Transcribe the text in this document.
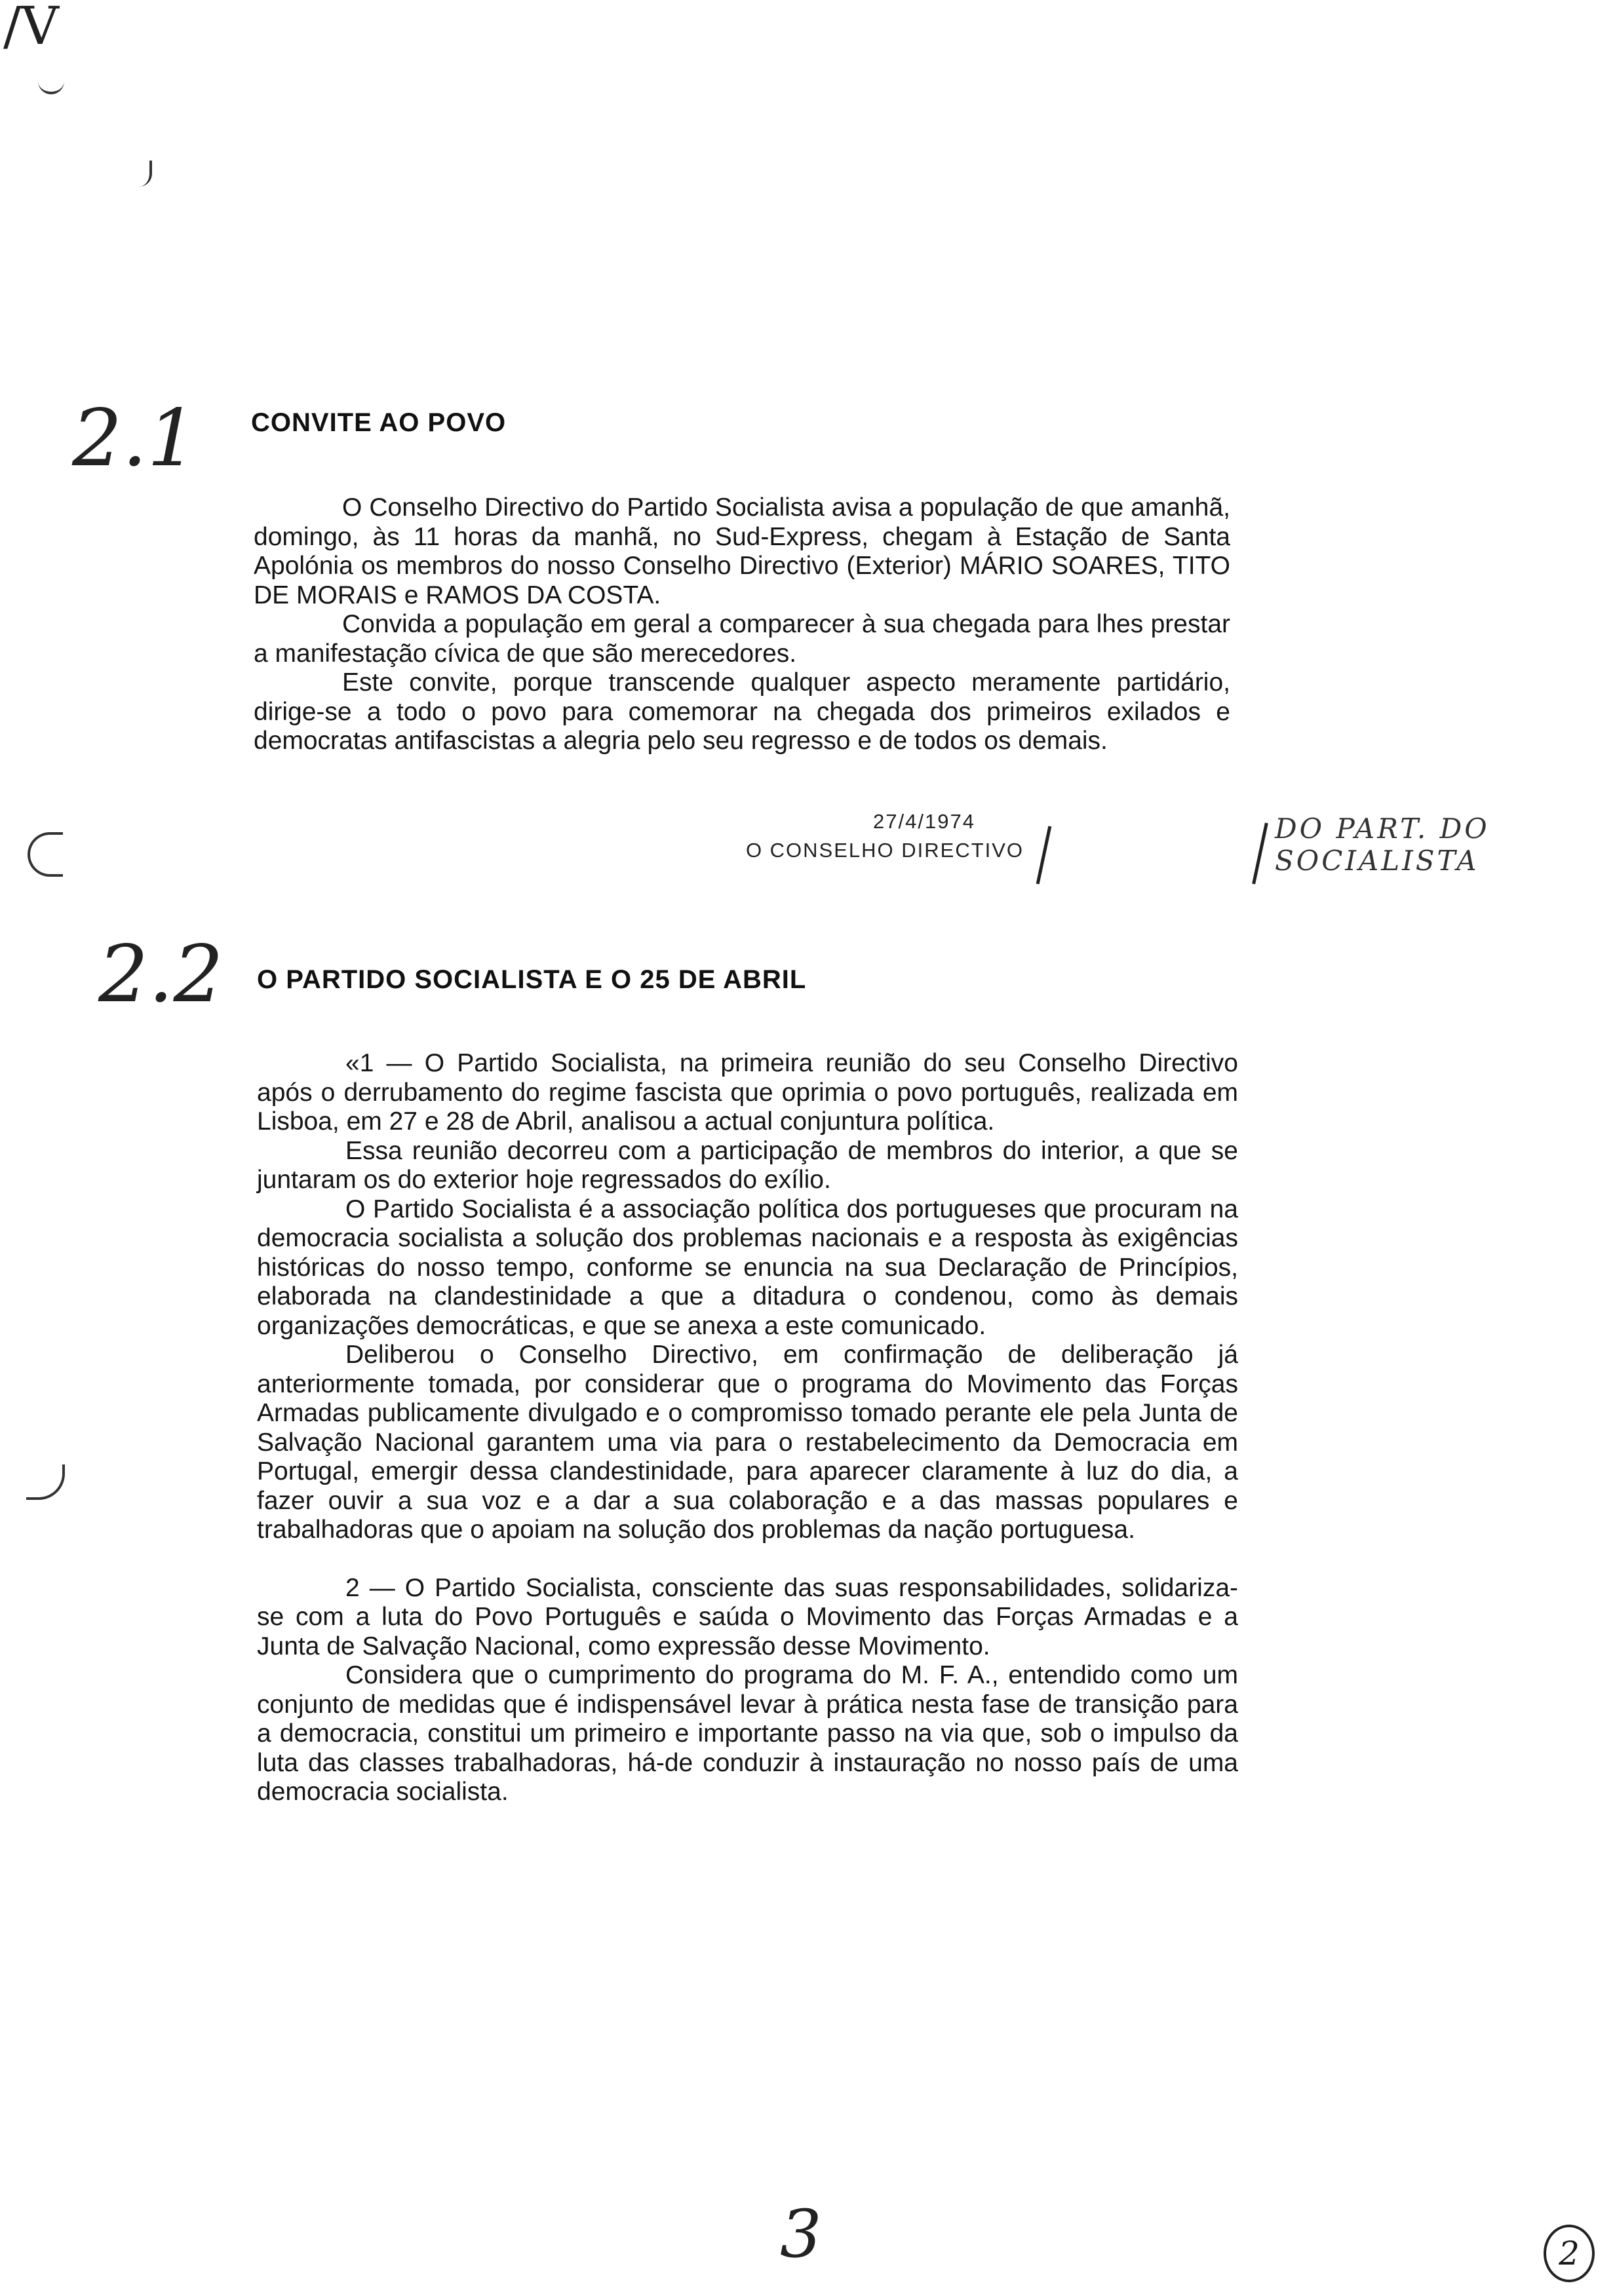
/V
2.1 CONVITE AO POVO

O Conselho Directivo do Partido Socialista avisa a população de que amanhã, domingo, às 11 horas da manhã, no Sud-Express, chegam à Estação de Santa Apolónia os membros do nosso Conselho Directivo (Exterior) MÁRIO SOARES, TITO DE MORAIS e RAMOS DA COSTA.

Convida a população em geral a comparecer à sua chegada para lhes prestar a manifestação cívica de que são merecedores.

Este convite, porque transcende qualquer aspecto meramente partidário, dirige-se a todo o povo para comemorar na chegada dos primeiros exilados e democratas antifascistas a alegria pelo seu regresso e de todos os demais.

27/4/1974
O CONSELHO DIRECTIVO
DO PART. DO SOCIALISTA
2.2 O PARTIDO SOCIALISTA E O 25 DE ABRIL

«1 — O Partido Socialista, na primeira reunião do seu Conselho Directivo após o derrubamento do regime fascista que oprimia o povo português, realizada em Lisboa, em 27 e 28 de Abril, analisou a actual conjuntura política.

Essa reunião decorreu com a participação de membros do interior, a que se juntaram os do exterior hoje regressados do exílio.

O Partido Socialista é a associação política dos portugueses que procuram na democracia socialista a solução dos problemas nacionais e a resposta às exigências históricas do nosso tempo, conforme se enuncia na sua Declaração de Princípios, elaborada na clandestinidade a que a ditadura o condenou, como às demais organizações democráticas, e que se anexa a este comunicado.

Deliberou o Conselho Directivo, em confirmação de deliberação já anteriormente tomada, por considerar que o programa do Movimento das Forças Armadas publicamente divulgado e o compromisso tomado perante ele pela Junta de Salvação Nacional garantem uma via para o restabelecimento da Democracia em Portugal, emergir dessa clandestinidade, para aparecer claramente à luz do dia, a fazer ouvir a sua voz e a dar a sua colaboração e a das massas populares e trabalhadoras que o apoiam na solução dos problemas da nação portuguesa.

2 — O Partido Socialista, consciente das suas responsabilidades, solidariza-se com a luta do Povo Português e saúda o Movimento das Forças Armadas e a Junta de Salvação Nacional, como expressão desse Movimento.

Considera que o cumprimento do programa do M. F. A., entendido como um conjunto de medidas que é indispensável levar à prática nesta fase de transição para a democracia, constitui um primeiro e importante passo na via que, sob o impulso da luta das classes trabalhadoras, há-de conduzir à instauração no nosso país de uma democracia socialista.

3	2
